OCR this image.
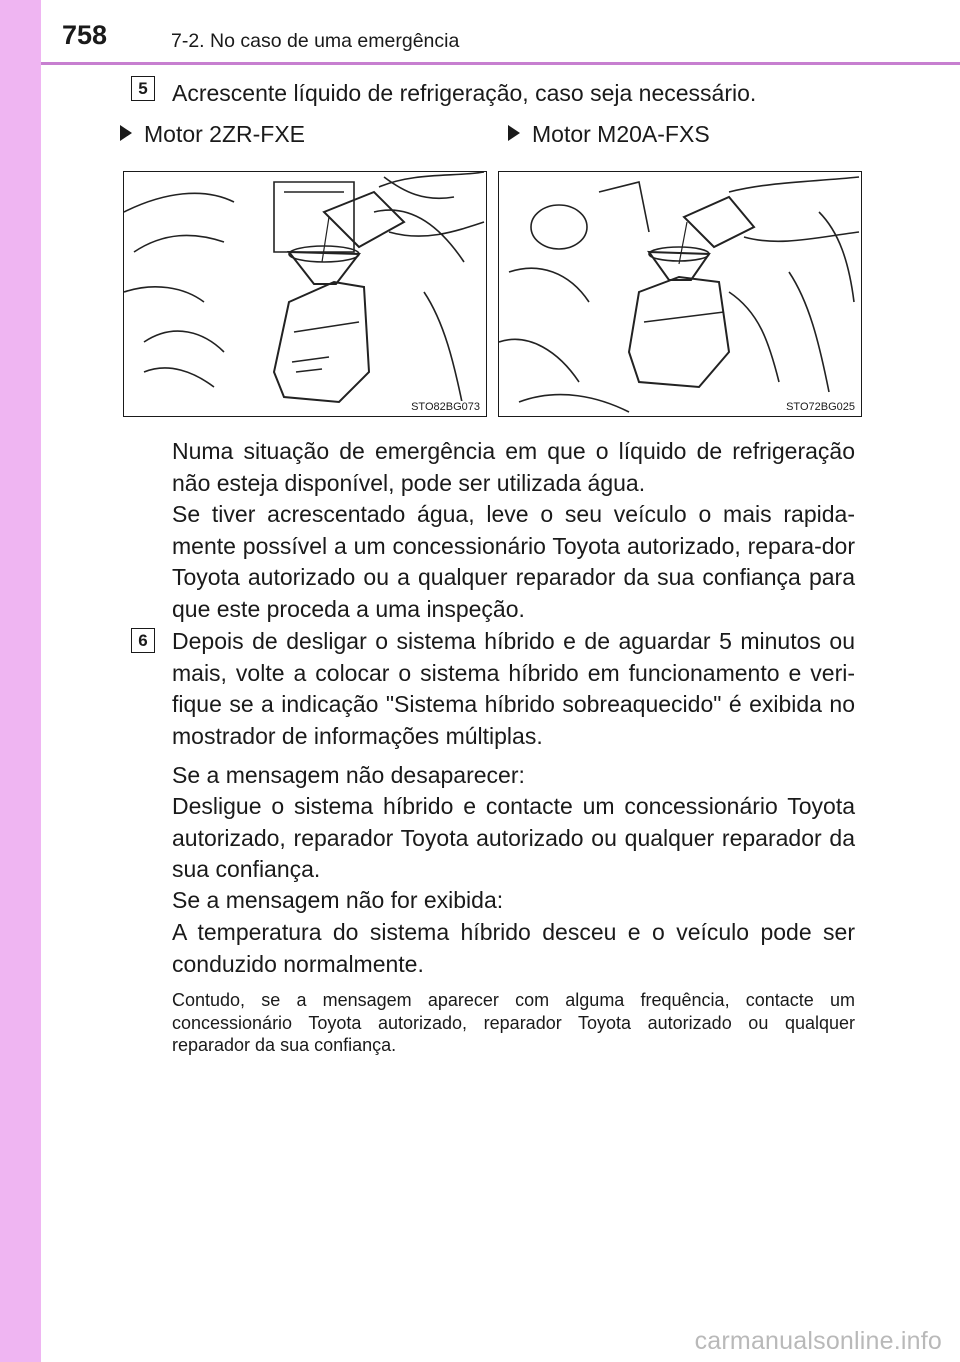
758	7-2. No caso de uma emergência
5	Acrescente líquido de refrigeração, caso seja necessário.
Motor 2ZR-FXE	Motor M20A-FXS
STO82BG073	STO72BG025
Numa situação de emergência em que o líquido de refrigeração não esteja disponível, pode ser utilizada água.
Se tiver acrescentado água, leve o seu veículo o mais rapida-mente possível a um concessionário Toyota autorizado, repara-dor Toyota autorizado ou a qualquer reparador da sua confiança para que este proceda a uma inspeção.
6	Depois de desligar o sistema híbrido e de aguardar 5 minutos ou mais, volte a colocar o sistema híbrido em funcionamento e veri-fique se a indicação "Sistema híbrido sobreaquecido" é exibida no mostrador de informações múltiplas.
Se a mensagem não desaparecer:
Desligue o sistema híbrido e contacte um concessionário Toyota autorizado, reparador Toyota autorizado ou qualquer reparador da sua confiança.
Se a mensagem não for exibida:
A temperatura do sistema híbrido desceu e o veículo pode ser conduzido normalmente.
Contudo, se a mensagem aparecer com alguma frequência, contacte um concessionário Toyota autorizado, reparador Toyota autorizado ou qualquer reparador da sua confiança.
carmanualsonline.info
